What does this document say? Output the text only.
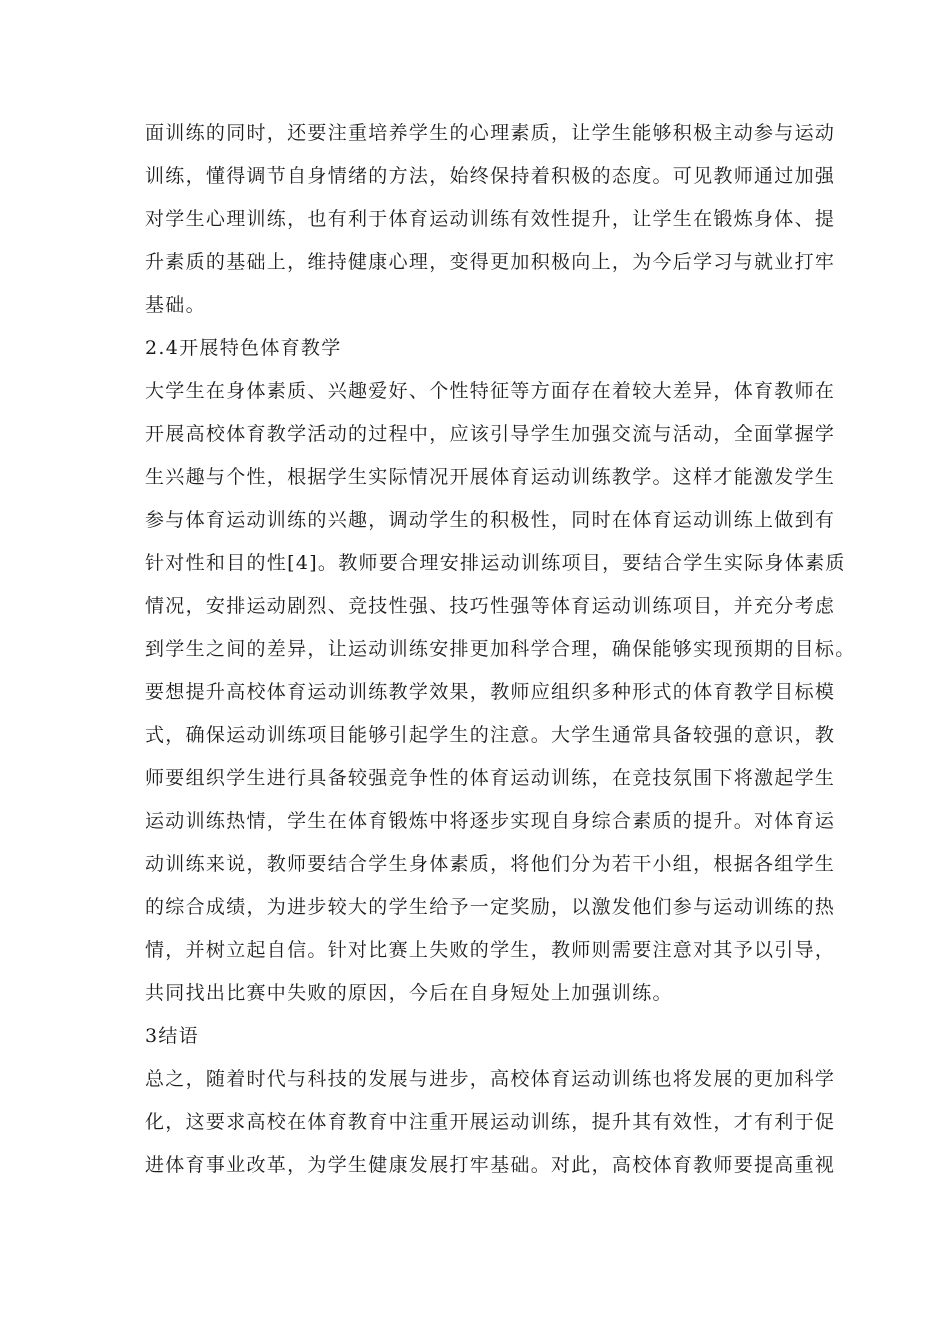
面训练的同时，还要注重培养学生的心理素质，让学生能够积极主动参与运动
训练，懂得调节自身情绪的方法，始终保持着积极的态度。可见教师通过加强
对学生心理训练，也有利于体育运动训练有效性提升，让学生在锻炼身体、提
升素质的基础上，维持健康心理，变得更加积极向上，为今后学习与就业打牢
基础。
2.4开展特色体育教学
大学生在身体素质、兴趣爱好、个性特征等方面存在着较大差异，体育教师在
开展高校体育教学活动的过程中，应该引导学生加强交流与活动，全面掌握学
生兴趣与个性，根据学生实际情况开展体育运动训练教学。这样才能激发学生
参与体育运动训练的兴趣，调动学生的积极性，同时在体育运动训练上做到有
针对性和目的性[4]。教师要合理安排运动训练项目，要结合学生实际身体素质
情况，安排运动剧烈、竞技性强、技巧性强等体育运动训练项目，并充分考虑
到学生之间的差异，让运动训练安排更加科学合理，确保能够实现预期的目标。
要想提升高校体育运动训练教学效果，教师应组织多种形式的体育教学目标模
式，确保运动训练项目能够引起学生的注意。大学生通常具备较强的意识，教
师要组织学生进行具备较强竞争性的体育运动训练，在竞技氛围下将激起学生
运动训练热情，学生在体育锻炼中将逐步实现自身综合素质的提升。对体育运
动训练来说，教师要结合学生身体素质，将他们分为若干小组，根据各组学生
的综合成绩，为进步较大的学生给予一定奖励，以激发他们参与运动训练的热
情，并树立起自信。针对比赛上失败的学生，教师则需要注意对其予以引导，
共同找出比赛中失败的原因，今后在自身短处上加强训练。
3结语
总之，随着时代与科技的发展与进步，高校体育运动训练也将发展的更加科学
化，这要求高校在体育教育中注重开展运动训练，提升其有效性，才有利于促
进体育事业改革，为学生健康发展打牢基础。对此，高校体育教师要提高重视
